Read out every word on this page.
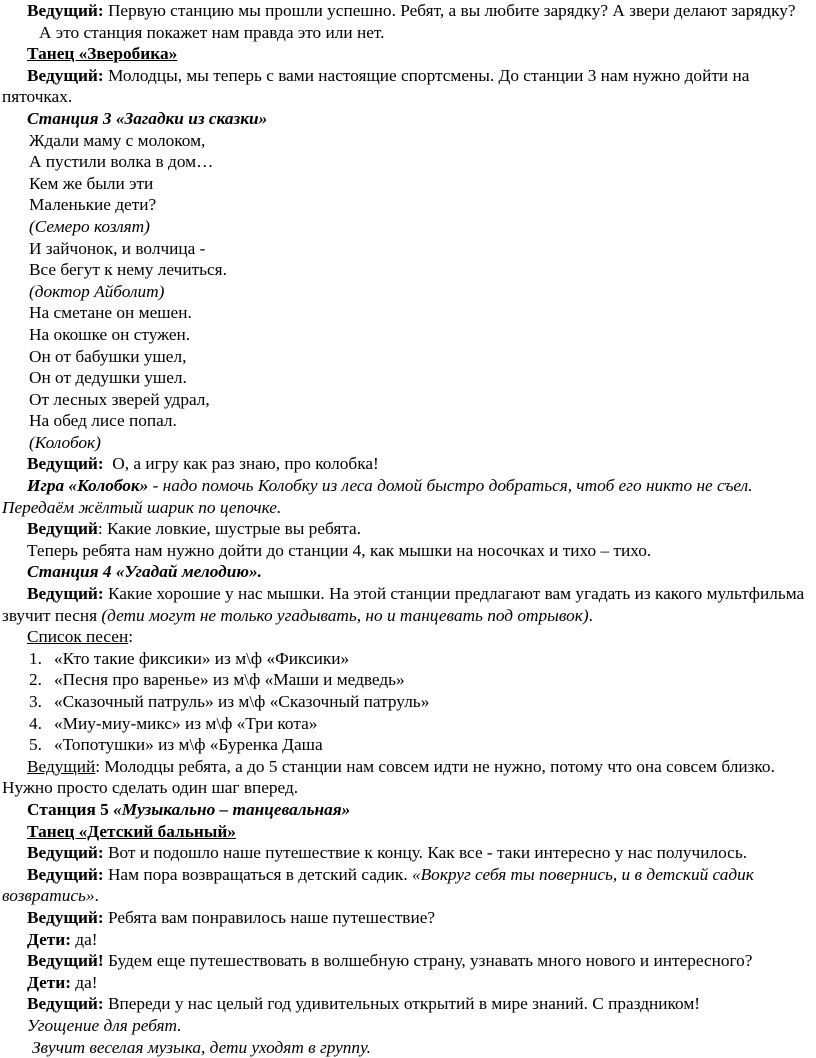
Ведущий: Первую станцию мы прошли успешно. Ребят, а вы любите зарядку? А звери делают зарядку?

А это станция покажет нам правда это или нет.

Танец «Зверобика»

Ведущий: Молодцы, мы теперь с вами настоящие спортсмены. До станции 3 нам нужно дойти на пяточках.

Станция 3 «Загадки из сказки»

Ждали маму с молоком,
А пустили волка в дом…
Кем же были эти
Маленькие дети?
(Семеро козлят)
И зайчонок, и волчица -
Все бегут к нему лечиться.
(доктор Айболит)
На сметане он мешен.
На окошке он стужен.
Он от бабушки ушел,
Он от дедушки ушел.
От лесных зверей удрал,
На обед лисе попал.
(Колобок)

Ведущий:  О, а игру как раз знаю, про колобка!

Игра «Колобок» - надо помочь Колобку из леса домой быстро добраться, чтоб его никто не съел. Передаём жёлтый шарик по цепочке.

Ведущий: Какие ловкие, шустрые вы ребята.

Теперь ребята нам нужно дойти до станции 4, как мышки на носочках и тихо – тихо.

Станция 4 «Угадай мелодию».

Ведущий: Какие хорошие у нас мышки. На этой станции предлагают вам угадать из какого мультфильма звучит песня (дети могут не только угадывать, но и танцевать под отрывок).

Список песен:

1. «Кто такие фиксики» из м\ф «Фиксики»
2. «Песня про варенье» из м\ф «Маши и медведь»
3. «Сказочный патруль» из м\ф «Сказочный патруль»
4. «Миу-миу-микс» из м\ф «Три кота»
5. «Топотушки» из м\ф «Буренка Даша

Ведущий: Молодцы ребята, а до 5 станции нам совсем идти не нужно, потому что она совсем близко. Нужно просто сделать один шаг вперед.

Станция 5 «Музыкально – танцевальная»

Танец «Детский бальный»

Ведущий: Вот и подошло наше путешествие к концу. Как все - таки интересно у нас получилось.

Ведущий: Нам пора возвращаться в детский садик. «Вокруг себя ты повернись, и в детский садик возвратись».

Ведущий: Ребята вам понравилось наше путешествие?

Дети: да!

Ведущий! Будем еще путешествовать в волшебную страну, узнавать много нового и интересного?

Дети: да!

Ведущий: Впереди у нас целый год удивительных открытий в мире знаний. С праздником!

Угощение для ребят.

Звучит веселая музыка, дети уходят в группу.
